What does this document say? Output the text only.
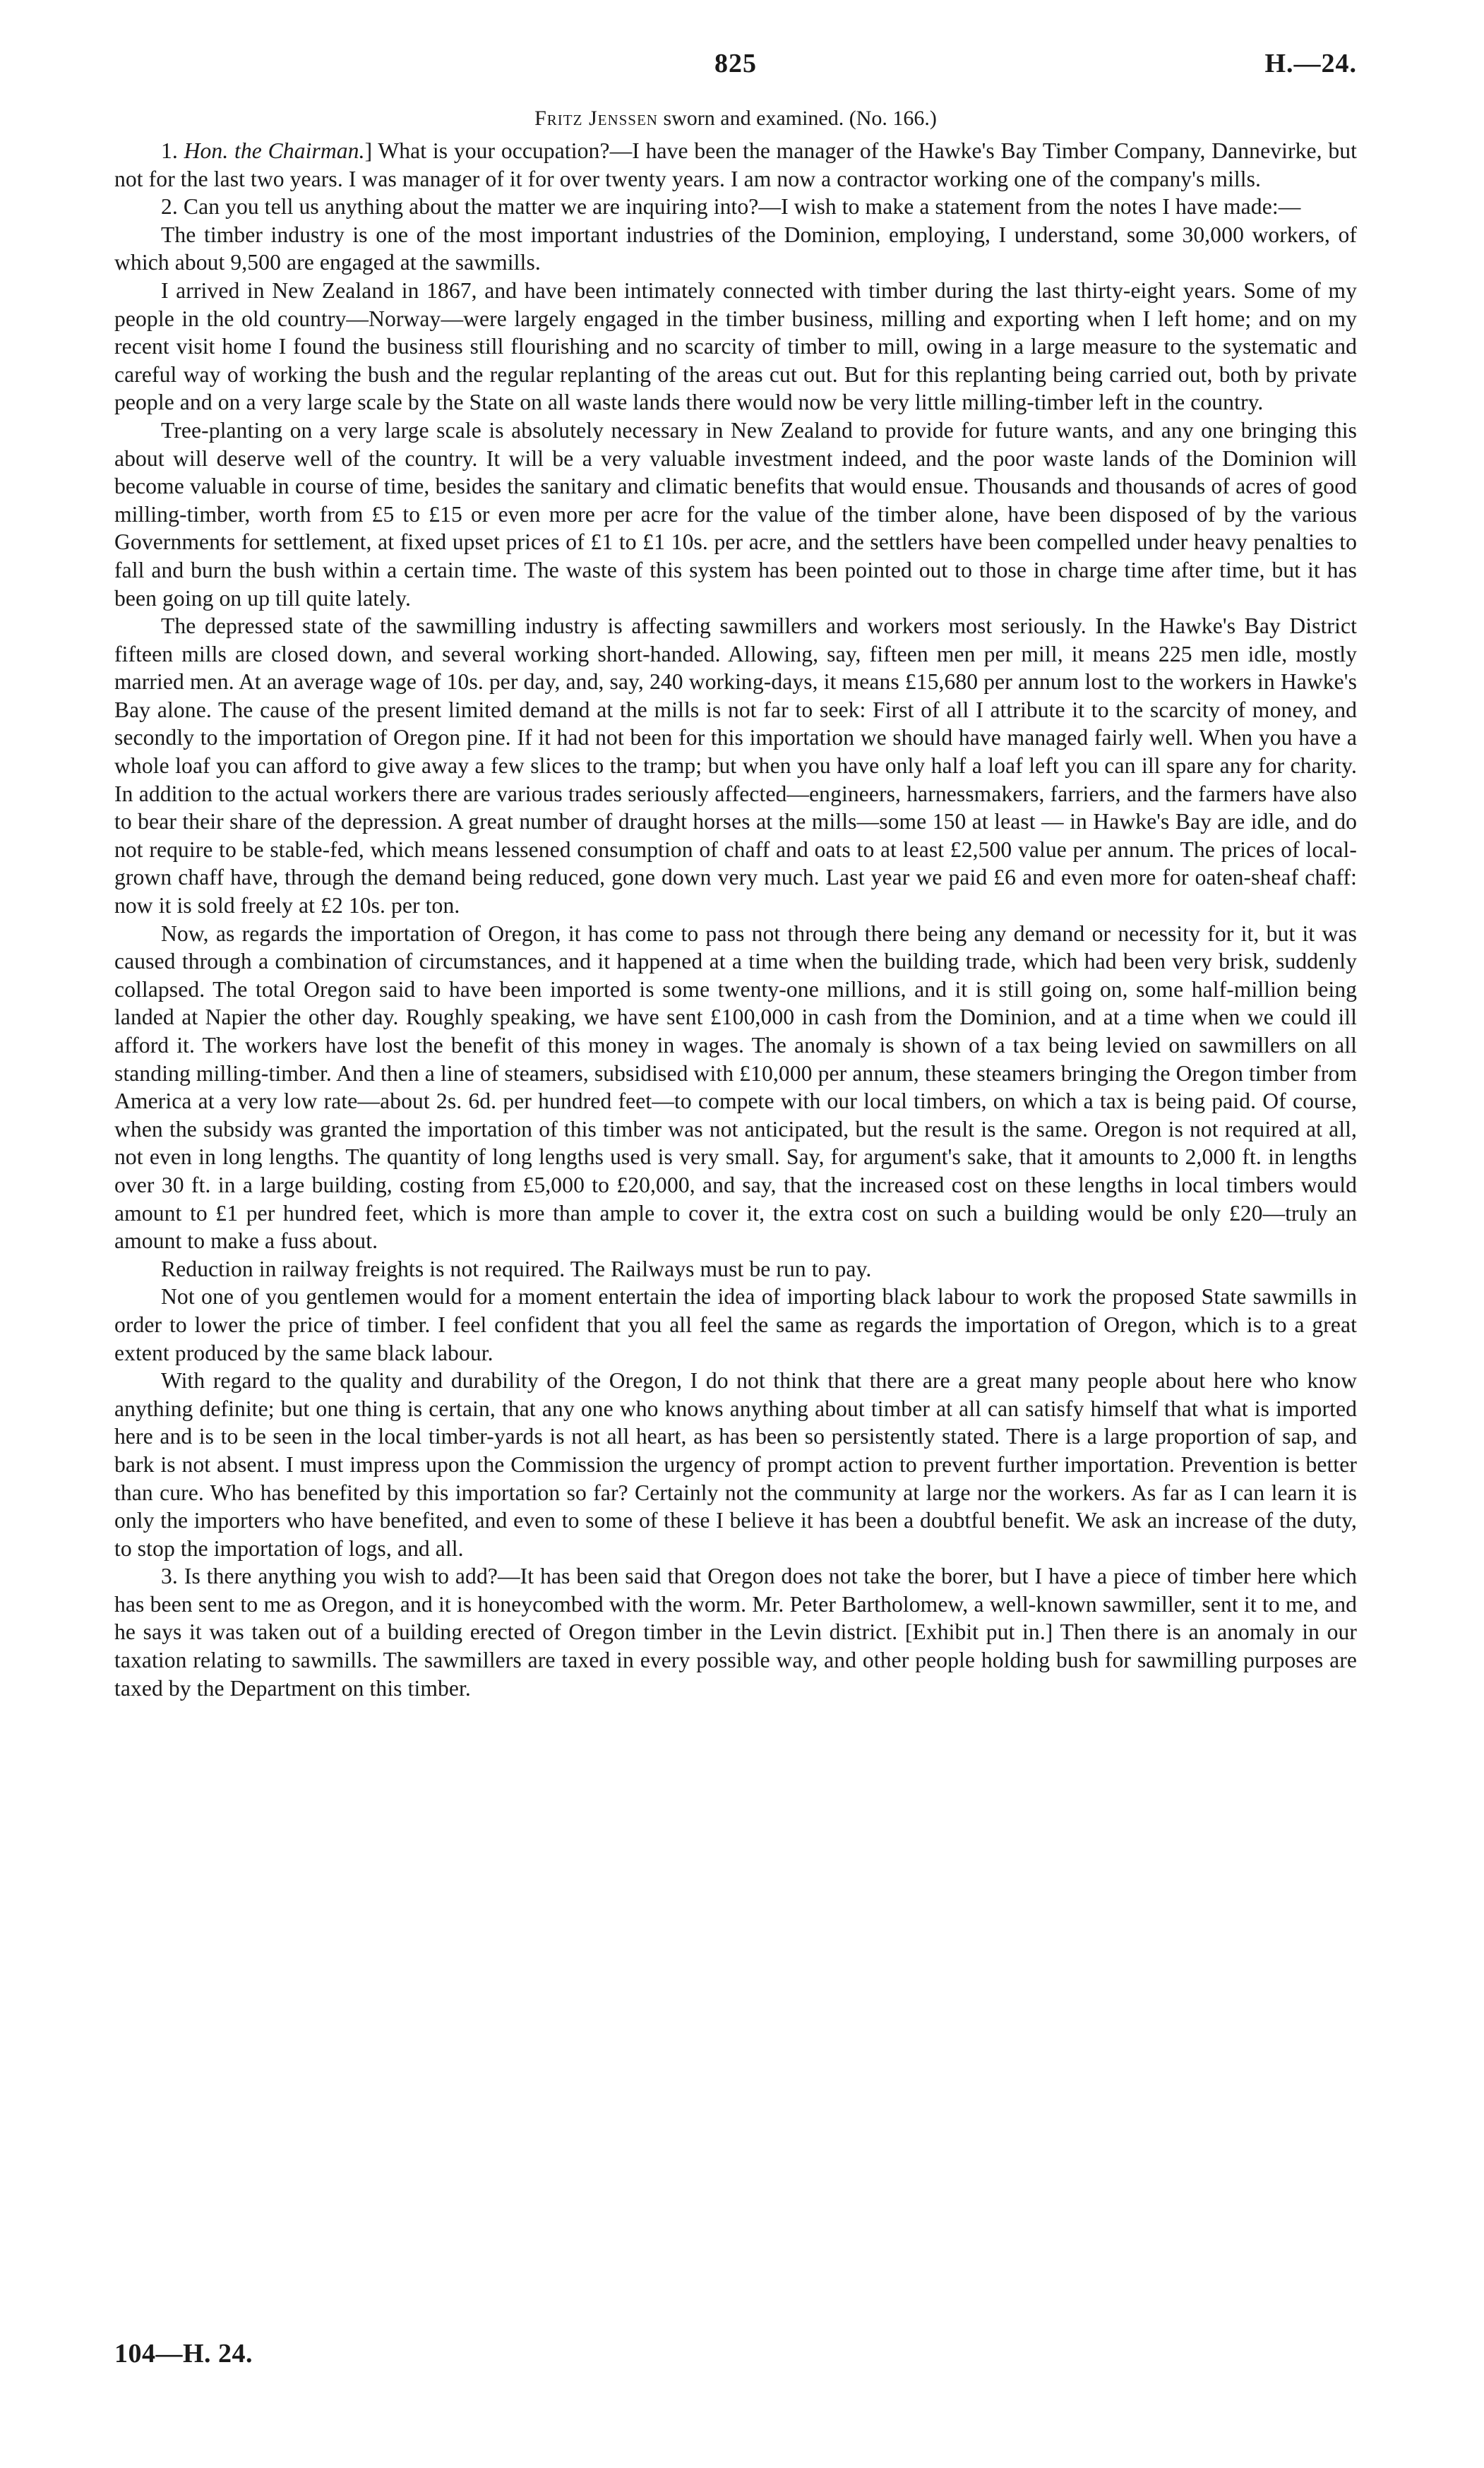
825	H.—24.
Fritz Jenssen sworn and examined. (No. 166.)

1. Hon. the Chairman.] What is your occupation?—I have been the manager of the Hawke's Bay Timber Company, Dannevirke, but not for the last two years. I was manager of it for over twenty years. I am now a contractor working one of the company's mills.

2. Can you tell us anything about the matter we are inquiring into?—I wish to make a statement from the notes I have made:—

The timber industry is one of the most important industries of the Dominion, employing, I understand, some 30,000 workers, of which about 9,500 are engaged at the sawmills.

I arrived in New Zealand in 1867, and have been intimately connected with timber during the last thirty-eight years. Some of my people in the old country—Norway—were largely engaged in the timber business, milling and exporting when I left home; and on my recent visit home I found the business still flourishing and no scarcity of timber to mill, owing in a large measure to the systematic and careful way of working the bush and the regular replanting of the areas cut out. But for this replanting being carried out, both by private people and on a very large scale by the State on all waste lands there would now be very little milling-timber left in the country.

Tree-planting on a very large scale is absolutely necessary in New Zealand to provide for future wants, and any one bringing this about will deserve well of the country. It will be a very valuable investment indeed, and the poor waste lands of the Dominion will become valuable in course of time, besides the sanitary and climatic benefits that would ensue. Thousands and thousands of acres of good milling-timber, worth from £5 to £15 or even more per acre for the value of the timber alone, have been disposed of by the various Governments for settlement, at fixed upset prices of £1 to £1 10s. per acre, and the settlers have been compelled under heavy penalties to fall and burn the bush within a certain time. The waste of this system has been pointed out to those in charge time after time, but it has been going on up till quite lately.

The depressed state of the sawmilling industry is affecting sawmillers and workers most seriously. In the Hawke's Bay District fifteen mills are closed down, and several working short-handed. Allowing, say, fifteen men per mill, it means 225 men idle, mostly married men. At an average wage of 10s. per day, and, say, 240 working-days, it means £15,680 per annum lost to the workers in Hawke's Bay alone. The cause of the present limited demand at the mills is not far to seek: First of all I attribute it to the scarcity of money, and secondly to the importation of Oregon pine. If it had not been for this importation we should have managed fairly well. When you have a whole loaf you can afford to give away a few slices to the tramp; but when you have only half a loaf left you can ill spare any for charity. In addition to the actual workers there are various trades seriously affected—engineers, harnessmakers, farriers, and the farmers have also to bear their share of the depression. A great number of draught horses at the mills—some 150 at least — in Hawke's Bay are idle, and do not require to be stable-fed, which means lessened consumption of chaff and oats to at least £2,500 value per annum. The prices of local-grown chaff have, through the demand being reduced, gone down very much. Last year we paid £6 and even more for oaten-sheaf chaff: now it is sold freely at £2 10s. per ton.

Now, as regards the importation of Oregon, it has come to pass not through there being any demand or necessity for it, but it was caused through a combination of circumstances, and it happened at a time when the building trade, which had been very brisk, suddenly collapsed. The total Oregon said to have been imported is some twenty-one millions, and it is still going on, some half-million being landed at Napier the other day. Roughly speaking, we have sent £100,000 in cash from the Dominion, and at a time when we could ill afford it. The workers have lost the benefit of this money in wages. The anomaly is shown of a tax being levied on sawmillers on all standing milling-timber. And then a line of steamers, subsidised with £10,000 per annum, these steamers bringing the Oregon timber from America at a very low rate—about 2s. 6d. per hundred feet—to compete with our local timbers, on which a tax is being paid. Of course, when the subsidy was granted the importation of this timber was not anticipated, but the result is the same. Oregon is not required at all, not even in long lengths. The quantity of long lengths used is very small. Say, for argument's sake, that it amounts to 2,000 ft. in lengths over 30 ft. in a large building, costing from £5,000 to £20,000, and say, that the increased cost on these lengths in local timbers would amount to £1 per hundred feet, which is more than ample to cover it, the extra cost on such a building would be only £20—truly an amount to make a fuss about.

Reduction in railway freights is not required. The Railways must be run to pay.

Not one of you gentlemen would for a moment entertain the idea of importing black labour to work the proposed State sawmills in order to lower the price of timber. I feel confident that you all feel the same as regards the importation of Oregon, which is to a great extent produced by the same black labour.

With regard to the quality and durability of the Oregon, I do not think that there are a great many people about here who know anything definite; but one thing is certain, that any one who knows anything about timber at all can satisfy himself that what is imported here and is to be seen in the local timber-yards is not all heart, as has been so persistently stated. There is a large proportion of sap, and bark is not absent. I must impress upon the Commission the urgency of prompt action to prevent further importation. Prevention is better than cure. Who has benefited by this importation so far? Certainly not the community at large nor the workers. As far as I can learn it is only the importers who have benefited, and even to some of these I believe it has been a doubtful benefit. We ask an increase of the duty, to stop the importation of logs, and all.

3. Is there anything you wish to add?—It has been said that Oregon does not take the borer, but I have a piece of timber here which has been sent to me as Oregon, and it is honeycombed with the worm. Mr. Peter Bartholomew, a well-known sawmiller, sent it to me, and he says it was taken out of a building erected of Oregon timber in the Levin district. [Exhibit put in.] Then there is an anomaly in our taxation relating to sawmills. The sawmillers are taxed in every possible way, and other people holding bush for sawmilling purposes are taxed by the Department on this timber.

104—H. 24.
